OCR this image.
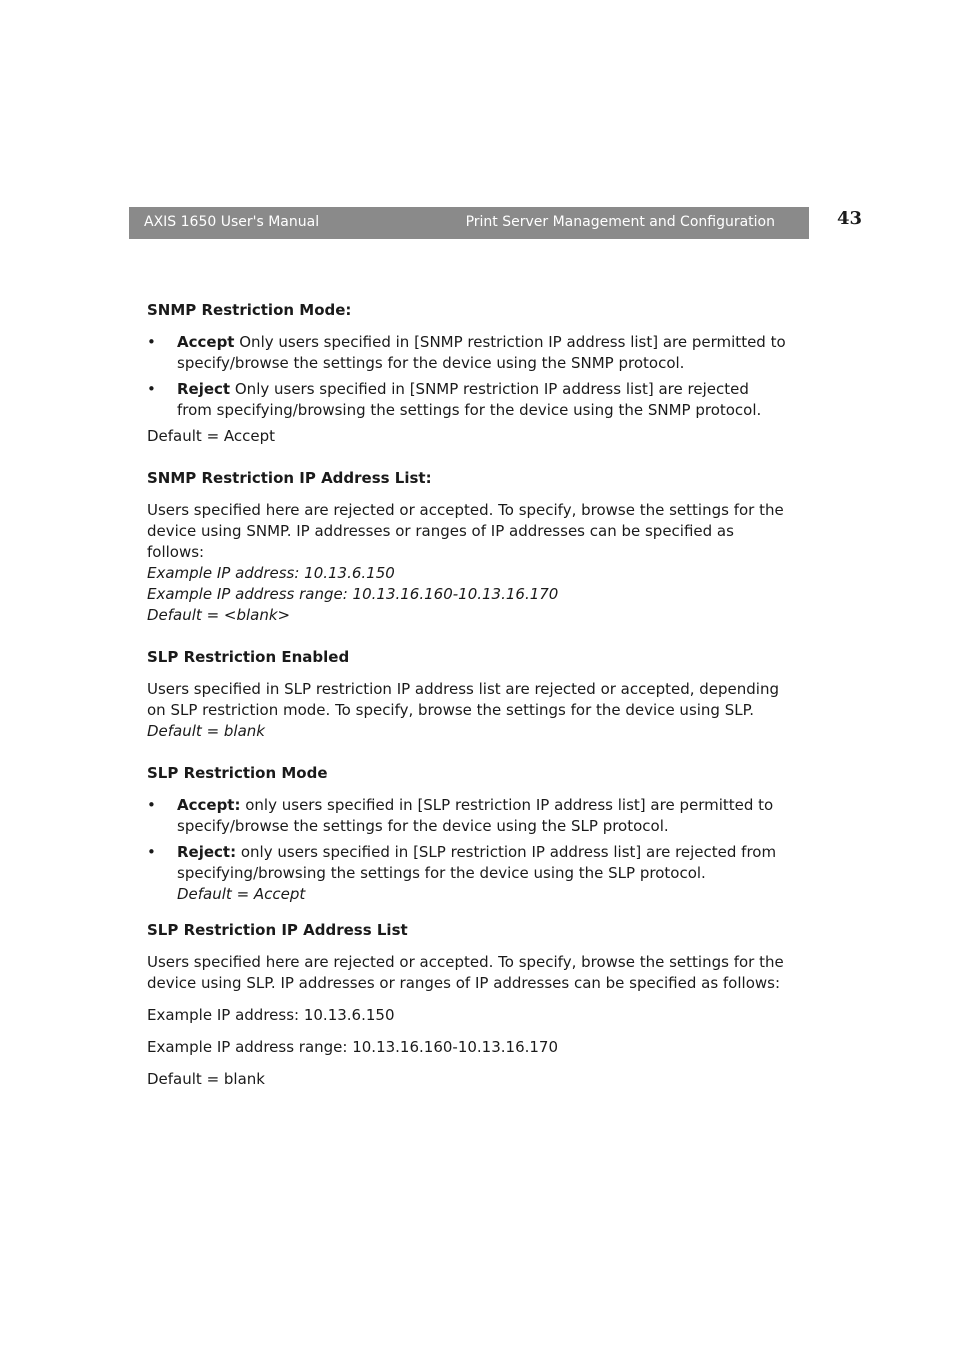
AXIS 1650 User's Manual	Print Server Management and Configuration	43
SNMP Restriction Mode:
• Accept Only users specified in [SNMP restriction IP address list] are permitted to specify/browse the settings for the device using the SNMP protocol.
• Reject Only users specified in [SNMP restriction IP address list] are rejected from specifying/browsing the settings for the device using the SNMP protocol.

Default = Accept

SNMP Restriction IP Address List:

Users specified here are rejected or accepted. To specify, browse the settings for the device using SNMP. IP addresses or ranges of IP addresses can be specified as follows:
Example IP address: 10.13.6.150
Example IP address range: 10.13.16.160-10.13.16.170
Default = <blank>

SLP Restriction Enabled

Users specified in SLP restriction IP address list are rejected or accepted, depending on SLP restriction mode. To specify, browse the settings for the device using SLP.
Default = blank

SLP Restriction Mode
• Accept: only users specified in [SLP restriction IP address list] are permitted to specify/browse the settings for the device using the SLP protocol.
• Reject: only users specified in [SLP restriction IP address list] are rejected from specifying/browsing the settings for the device using the SLP protocol.
Default = Accept
SLP Restriction IP Address List

Users specified here are rejected or accepted. To specify, browse the settings for the device using SLP. IP addresses or ranges of IP addresses can be specified as follows:

Example IP address: 10.13.6.150

Example IP address range: 10.13.16.160-10.13.16.170

Default = blank
